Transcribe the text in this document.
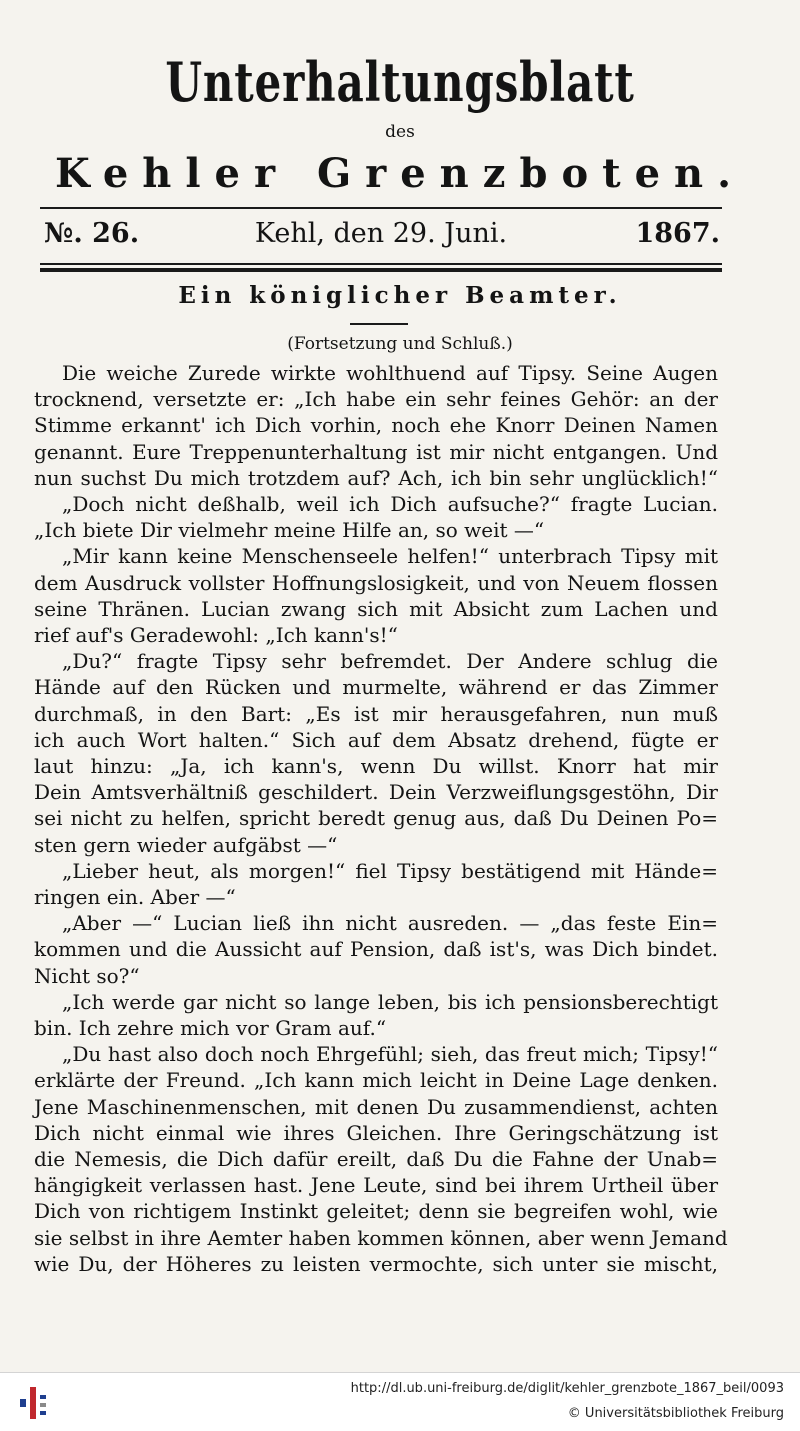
Unterhaltungsblatt
des
Kehler Grenzboten.
Kehl, den 29. Juni.
№. 26.	1867.
Ein königlicher Beamter.
(Fortsetzung und Schluß.)
Die weiche Zurede wirkte wohlthuend auf Tipsy. Seine Augen
trocknend, versetzte er: „Ich habe ein sehr feines Gehör: an der
Stimme erkannt' ich Dich vorhin, noch ehe Knorr Deinen Namen
genannt. Eure Treppenunterhaltung ist mir nicht entgangen. Und
nun suchst Du mich trotzdem auf? Ach, ich bin sehr unglücklich!“
„Doch nicht deßhalb, weil ich Dich aufsuche?“ fragte Lucian.
„Ich biete Dir vielmehr meine Hilfe an, so weit —“
„Mir kann keine Menschenseele helfen!“ unterbrach Tipsy mit
dem Ausdruck vollster Hoffnungslosigkeit, und von Neuem flossen
seine Thränen. Lucian zwang sich mit Absicht zum Lachen und
rief auf's Geradewohl: „Ich kann's!“
„Du?“ fragte Tipsy sehr befremdet. Der Andere schlug die
Hände auf den Rücken und murmelte, während er das Zimmer
durchmaß, in den Bart: „Es ist mir herausgefahren, nun muß
ich auch Wort halten.“ Sich auf dem Absatz drehend, fügte er
laut hinzu: „Ja, ich kann's, wenn Du willst. Knorr hat mir
Dein Amtsverhältniß geschildert. Dein Verzweiflungsgestöhn, Dir
sei nicht zu helfen, spricht beredt genug aus, daß Du Deinen Po=
sten gern wieder aufgäbst —“
„Lieber heut, als morgen!“ fiel Tipsy bestätigend mit Hände=
ringen ein. Aber —“
„Aber —“ Lucian ließ ihn nicht ausreden. — „das feste Ein=
kommen und die Aussicht auf Pension, daß ist's, was Dich bindet.
Nicht so?“
„Ich werde gar nicht so lange leben, bis ich pensionsberechtigt
bin. Ich zehre mich vor Gram auf.“
„Du hast also doch noch Ehrgefühl; sieh, das freut mich; Tipsy!“
erklärte der Freund. „Ich kann mich leicht in Deine Lage denken.
Jene Maschinenmenschen, mit denen Du zusammendienst, achten
Dich nicht einmal wie ihres Gleichen. Ihre Geringschätzung ist
die Nemesis, die Dich dafür ereilt, daß Du die Fahne der Unab=
hängigkeit verlassen hast. Jene Leute, sind bei ihrem Urtheil über
Dich von richtigem Instinkt geleitet; denn sie begreifen wohl, wie
sie selbst in ihre Aemter haben kommen können, aber wenn Jemand
wie Du, der Höheres zu leisten vermochte, sich unter sie mischt,
http://dl.ub.uni-freiburg.de/diglit/kehler_grenzbote_1867_beil/0093
© Universitätsbibliothek Freiburg
